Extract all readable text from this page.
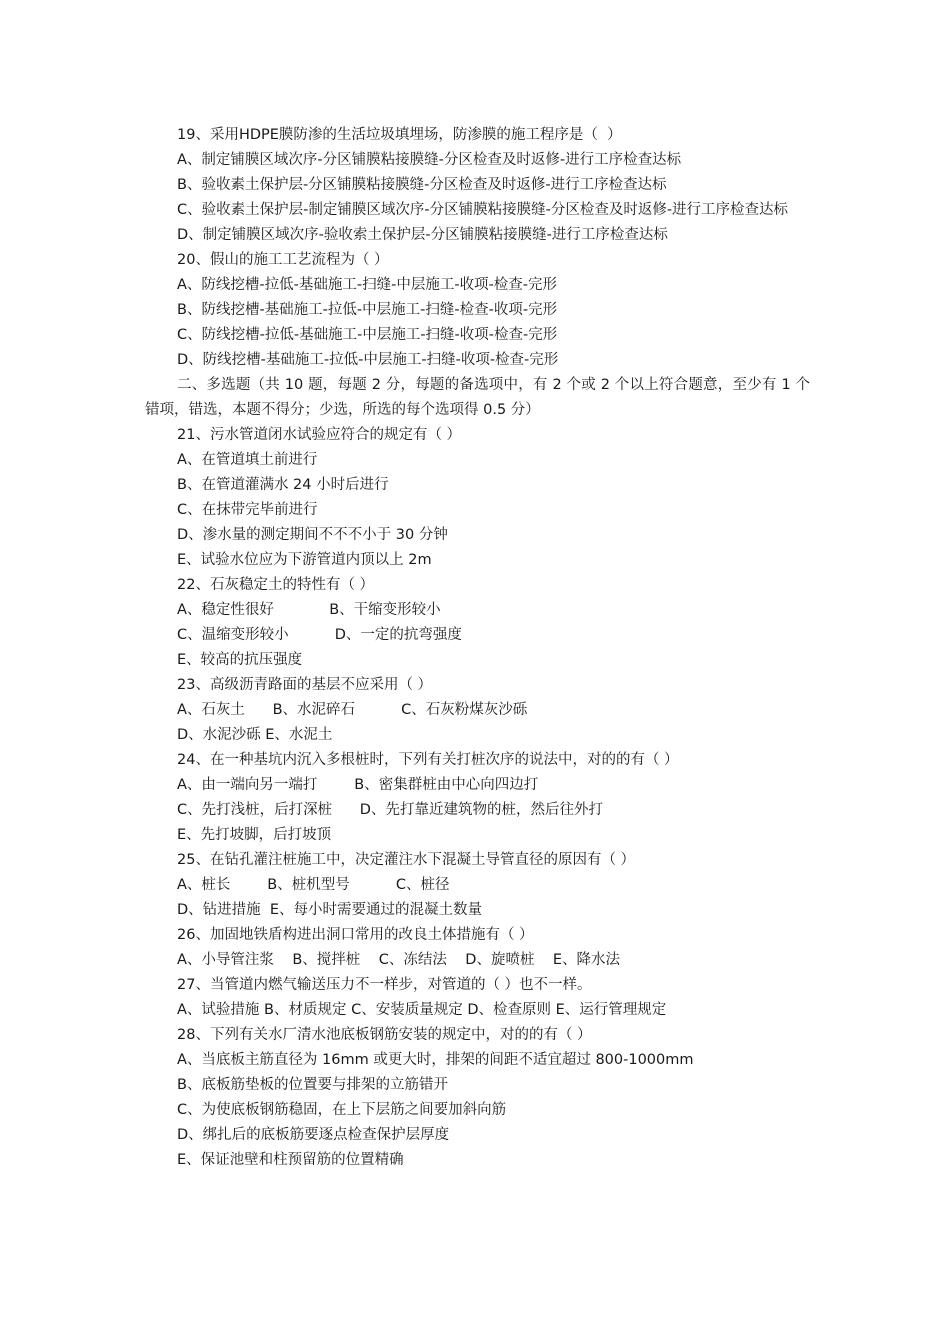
19、采用HDPE膜防渗的生活垃圾填埋场，防渗膜的施工程序是（  ）
A、制定铺膜区域次序-分区铺膜粘接膜缝-分区检查及时返修-进行工序检查达标
B、验收素土保护层-分区铺膜粘接膜缝-分区检查及时返修-进行工序检查达标
C、验收素土保护层-制定铺膜区域次序-分区铺膜粘接膜缝-分区检查及时返修-进行工序检查达标
D、制定铺膜区域次序-验收索土保护层-分区铺膜粘接膜缝-进行工序检查达标
20、假山的施工工艺流程为（ ）
A、防线挖槽-拉低-基础施工-扫缝-中层施工-收项-检查-完形
B、防线挖槽-基础施工-拉低-中层施工-扫缝-检查-收项-完形
C、防线挖槽-拉低-基础施工-中层施工-扫缝-收项-检查-完形
D、防线挖槽-基础施工-拉低-中层施工-扫缝-收项-检查-完形
二、多选题（共 10 题，每题 2 分，每题的备选项中，有 2 个或 2 个以上符合题意，至少有 1 个错项，错选，本题不得分；少选，所选的每个选项得 0.5 分）
21、污水管道闭水试验应符合的规定有（ ）
A、在管道填土前进行
B、在管道灌满水 24 小时后进行
C、在抹带完毕前进行
D、渗水量的测定期间不不不小于 30 分钟
E、试验水位应为下游管道内顶以上 2m
22、石灰稳定土的特性有（ ）
A、稳定性很好            B、干缩变形较小
C、温缩变形较小          D、一定的抗弯强度
E、较高的抗压强度
23、高级沥青路面的基层不应采用（ ）
A、石灰土      B、水泥碎石          C、石灰粉煤灰沙砾
D、水泥沙砾 E、水泥土
24、在一种基坑内沉入多根桩时，下列有关打桩次序的说法中，对的的有（ ）
A、由一端向另一端打        B、密集群桩由中心向四边打
C、先打浅桩，后打深桩      D、先打靠近建筑物的桩，然后往外打
E、先打坡脚，后打坡顶
25、在钻孔灌注桩施工中，决定灌注水下混凝土导管直径的原因有（ ）
A、桩长        B、桩机型号          C、桩径
D、钻进措施  E、每小时需要通过的混凝土数量
26、加固地铁盾构进出洞口常用的改良土体措施有（ ）
A、小导管注浆    B、搅拌桩    C、冻结法    D、旋喷桩    E、降水法
27、当管道内燃气输送压力不一样步，对管道的（ ）也不一样。
A、试验措施 B、材质规定 C、安装质量规定 D、检查原则 E、运行管理规定
28、下列有关水厂清水池底板钢筋安装的规定中，对的的有（ ）
A、当底板主筋直径为 16mm 或更大时，排架的间距不适宜超过 800-1000mm
B、底板筋垫板的位置要与排架的立筋错开
C、为使底板钢筋稳固，在上下层筋之间要加斜向筋
D、绑扎后的底板筋要逐点检查保护层厚度
E、保证池壁和柱预留筋的位置精确
